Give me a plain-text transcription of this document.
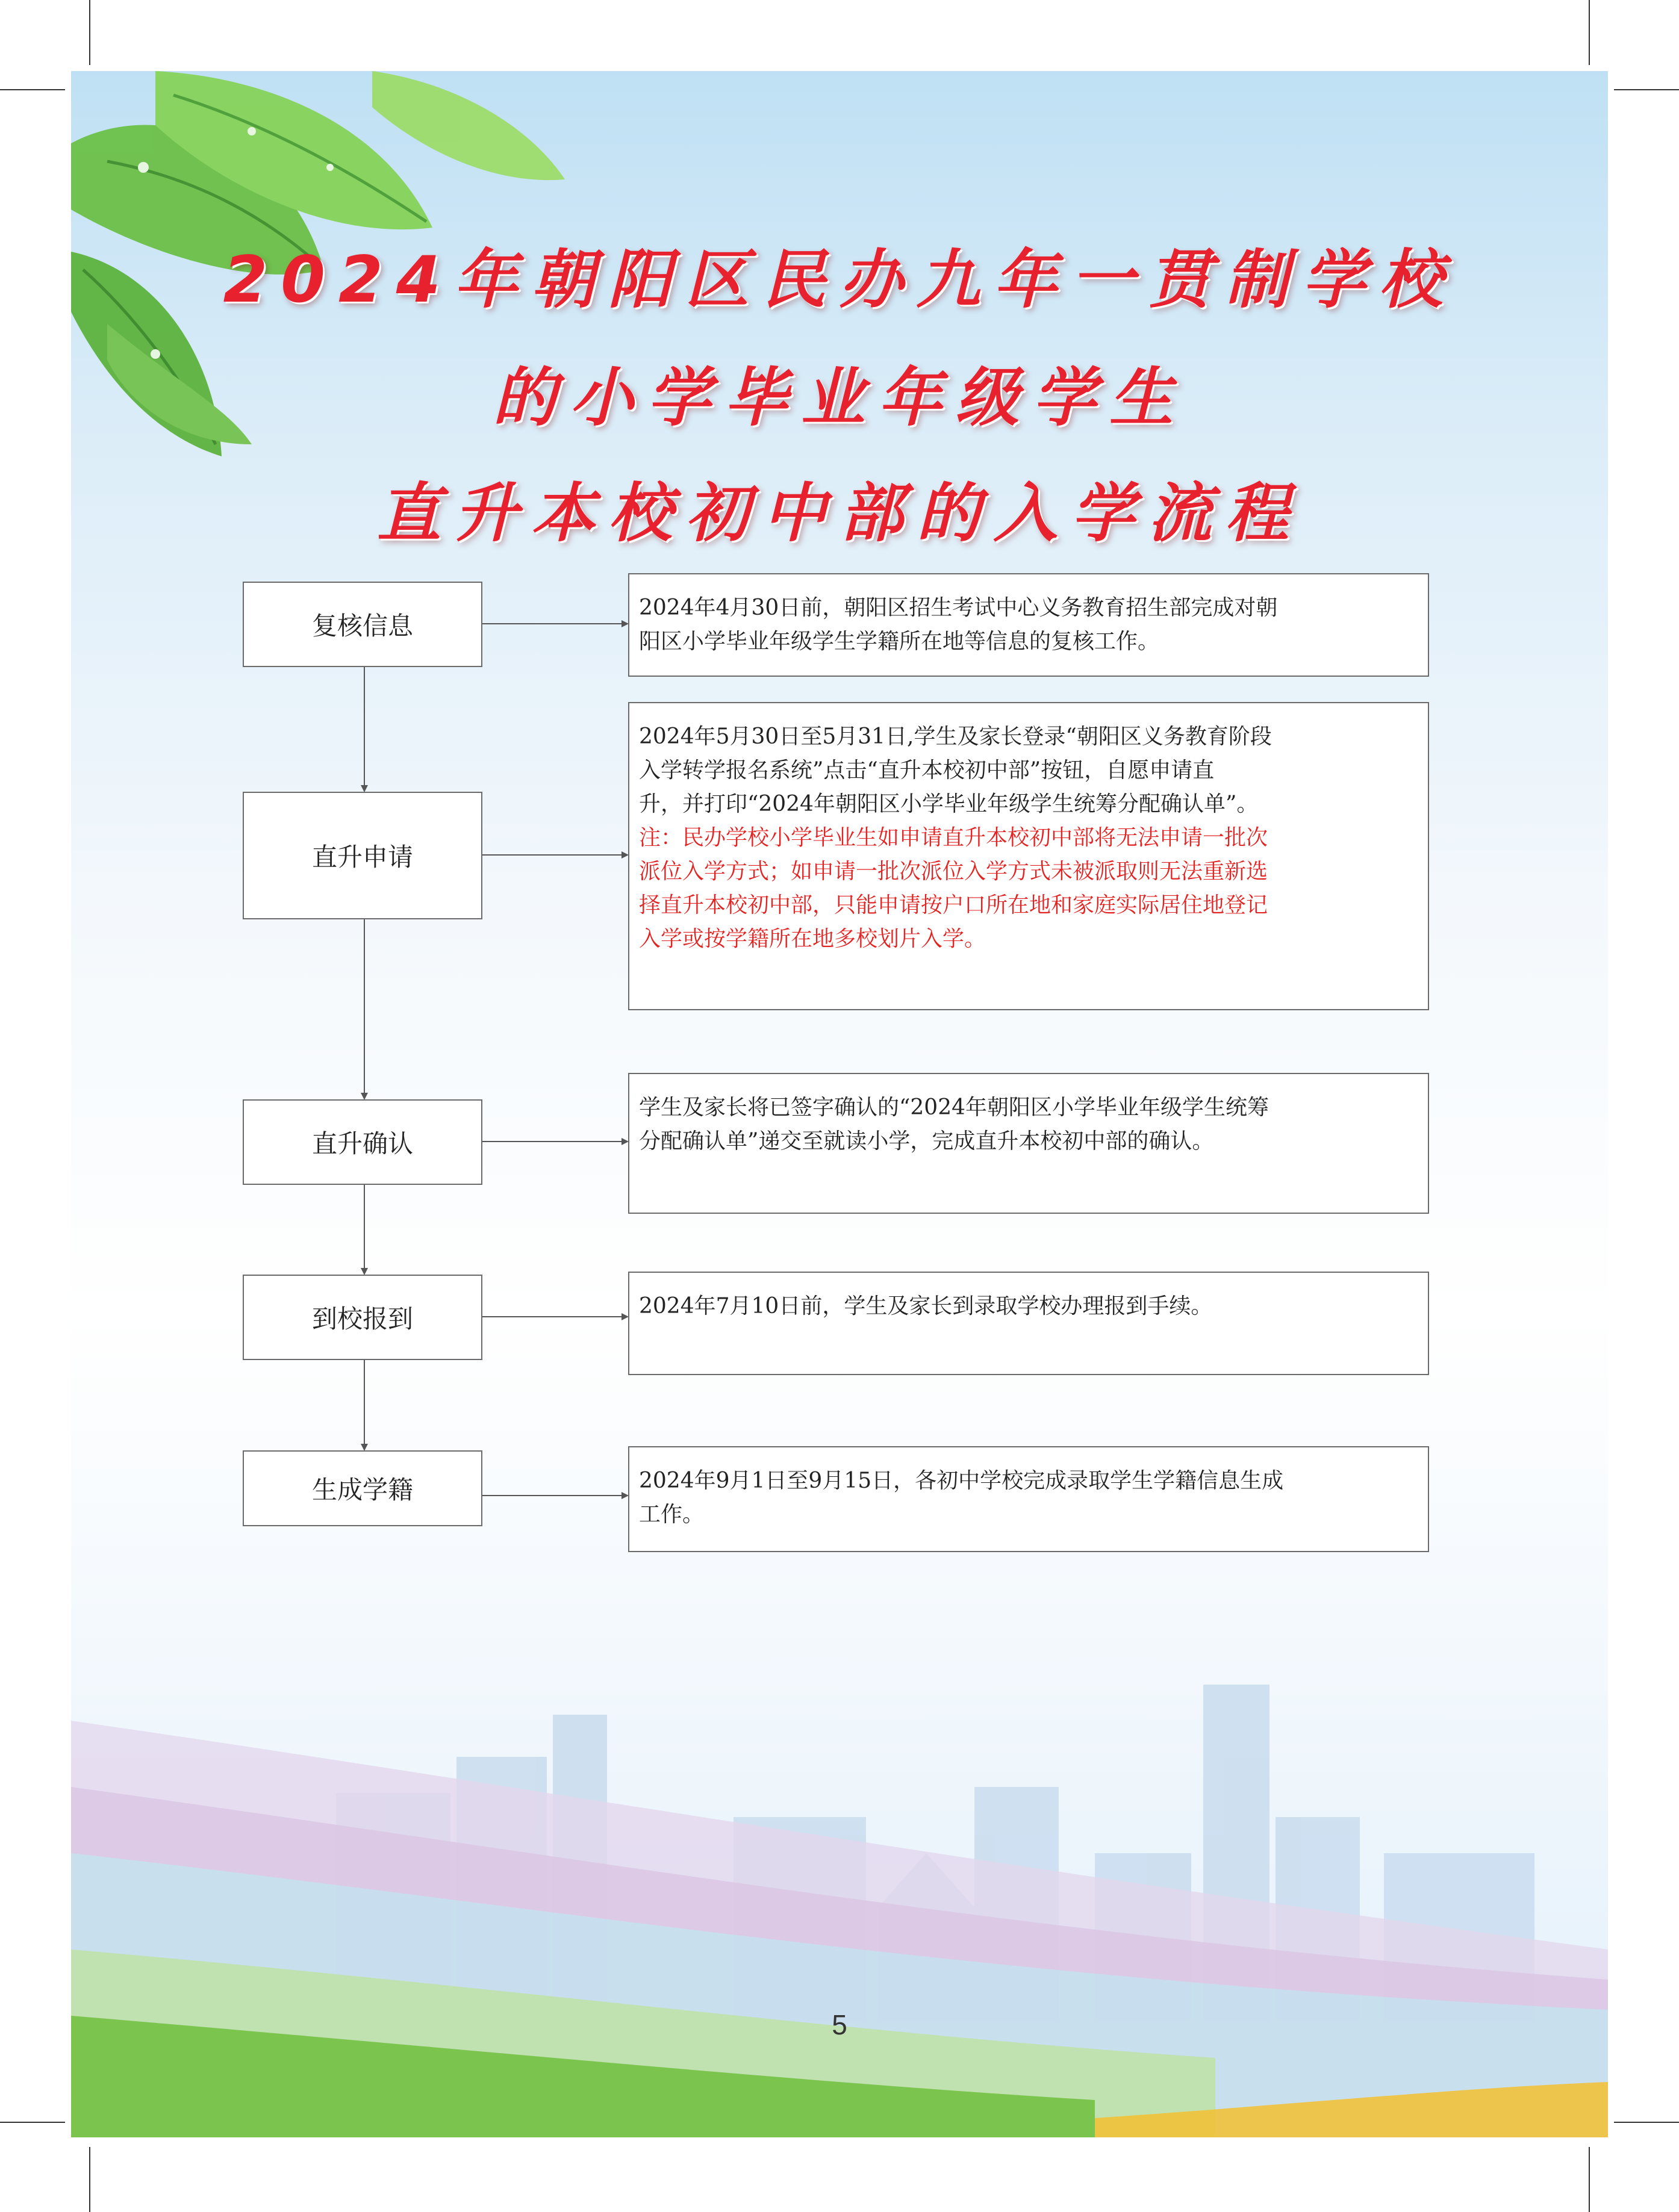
2024年朝阳区民办九年一贯制学校
的小学毕业年级学生
直升本校初中部的入学流程
复核信息
直升申请
直升确认
到校报到
生成学籍

2024年4月30日前，朝阳区招生考试中心义务教育招生部完成对朝

阳区小学毕业年级学生学籍所在地等信息的复核工作。

2024年5月30日至5月31日,学生及家长登录“朝阳区义务教育阶段

入学转学报名系统”点击“直升本校初中部”按钮，自愿申请直

升，并打印“2024年朝阳区小学毕业年级学生统筹分配确认单”。

注：民办学校小学毕业生如申请直升本校初中部将无法申请一批次

派位入学方式；如申请一批次派位入学方式未被派取则无法重新选

择直升本校初中部，只能申请按户口所在地和家庭实际居住地登记

入学或按学籍所在地多校划片入学。

学生及家长将已签字确认的“2024年朝阳区小学毕业年级学生统筹

分配确认单”递交至就读小学，完成直升本校初中部的确认。

2024年7月10日前，学生及家长到录取学校办理报到手续。

2024年9月1日至9月15日，各初中学校完成录取学生学籍信息生成

工作。

5
